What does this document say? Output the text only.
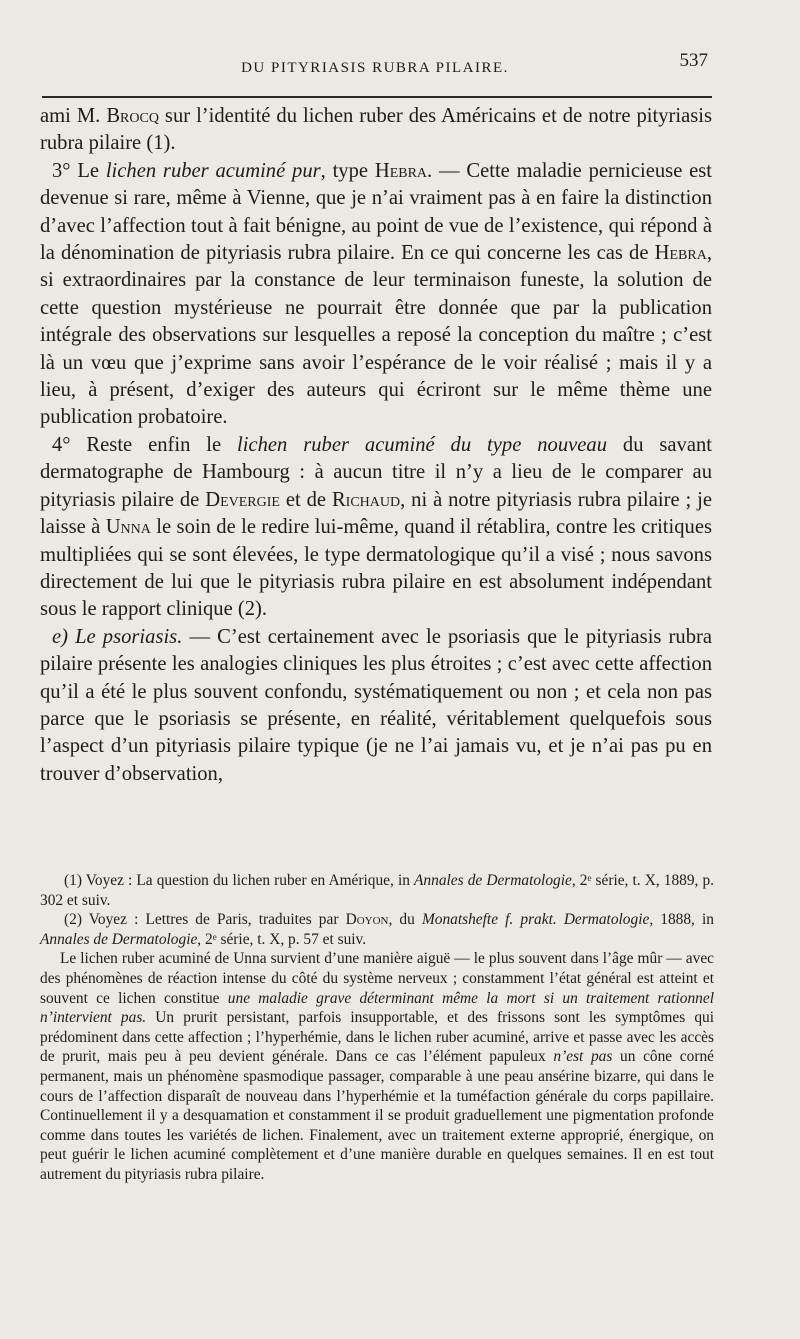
DU PITYRIASIS RUBRA PILAIRE.	537

ami M. Brocq sur l’identité du lichen ruber des Américains et de notre pityriasis rubra pilaire (1).

3° Le lichen ruber acuminé pur, type Hebra. — Cette maladie pernicieuse est devenue si rare, même à Vienne, que je n’ai vraiment pas à en faire la distinction d’avec l’affection tout à fait bénigne, au point de vue de l’existence, qui répond à la dénomination de pityriasis rubra pilaire. En ce qui concerne les cas de Hebra, si extraordinaires par la constance de leur terminaison funeste, la solution de cette question mystérieuse ne pourrait être donnée que par la publication intégrale des observations sur lesquelles a reposé la conception du maître ; c’est là un vœu que j’exprime sans avoir l’espérance de le voir réalisé ; mais il y a lieu, à présent, d’exiger des auteurs qui écriront sur le même thème une publication probatoire.

4° Reste enfin le lichen ruber acuminé du type nouveau du savant dermatographe de Hambourg : à aucun titre il n’y a lieu de le comparer au pityriasis pilaire de Devergie et de Richaud, ni à notre pityriasis rubra pilaire ; je laisse à Unna le soin de le redire lui-même, quand il rétablira, contre les critiques multipliées qui se sont élevées, le type dermatologique qu’il a visé ; nous savons directement de lui que le pityriasis rubra pilaire en est absolument indépendant sous le rapport clinique (2).

e) Le psoriasis. — C’est certainement avec le psoriasis que le pityriasis rubra pilaire présente les analogies cliniques les plus étroites ; c’est avec cette affection qu’il a été le plus souvent confondu, systématiquement ou non ; et cela non pas parce que le psoriasis se présente, en réalité, véritablement quelquefois sous l’aspect d’un pityriasis pilaire typique (je ne l’ai jamais vu, et je n’ai pas pu en trouver d’observation,

(1) Voyez : La question du lichen ruber en Amérique, in Annales de Dermatologie, 2ᵉ série, t. X, 1889, p. 302 et suiv.

(2) Voyez : Lettres de Paris, traduites par Doyon, du Monatshefte f. prakt. Dermatologie, 1888, in Annales de Dermatologie, 2ᵉ série, t. X, p. 57 et suiv.

Le lichen ruber acuminé de Unna survient d’une manière aiguë — le plus souvent dans l’âge mûr — avec des phénomènes de réaction intense du côté du système nerveux ; constamment l’état général est atteint et souvent ce lichen constitue une maladie grave déterminant même la mort si un traitement rationnel n’intervient pas. Un prurit persistant, parfois insupportable, et des frissons sont les symptômes qui prédominent dans cette affection ; l’hyperhémie, dans le lichen ruber acuminé, arrive et passe avec les accès de prurit, mais peu à peu devient générale. Dans ce cas l’élément papuleux n’est pas un cône corné permanent, mais un phénomène spasmodique passager, comparable à une peau ansérine bizarre, qui dans le cours de l’affection disparaît de nouveau dans l’hyperhémie et la tuméfaction générale du corps papillaire. Continuellement il y a desquamation et constamment il se produit graduellement une pigmentation profonde comme dans toutes les variétés de lichen. Finalement, avec un traitement externe approprié, énergique, on peut guérir le lichen acuminé complètement et d’une manière durable en quelques semaines. Il en est tout autrement du pityriasis rubra pilaire.
